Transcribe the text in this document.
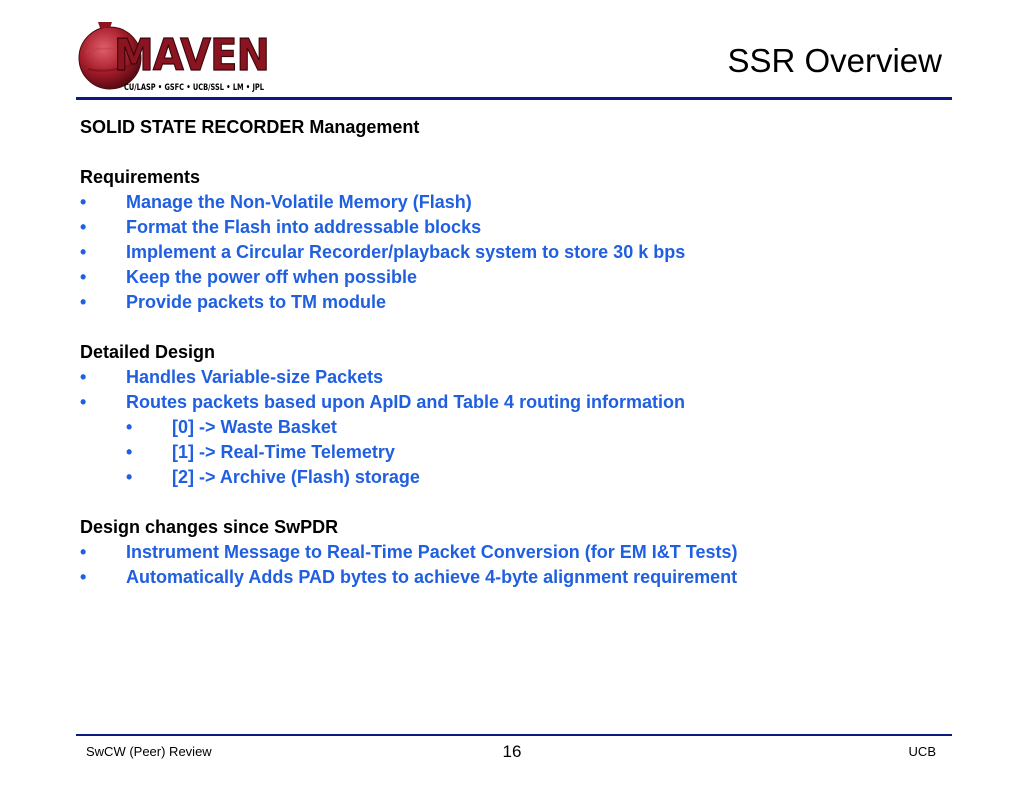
MAVEN
CU/LASP • GSFC • UCB/SSL • LM • JPL
SSR Overview
SOLID STATE RECORDER Management
Requirements
• Manage the Non-Volatile Memory (Flash)
• Format the Flash into addressable blocks
• Implement a Circular Recorder/playback system to store 30 k bps
• Keep the power off when possible
• Provide packets to TM module
Detailed Design
• Handles Variable-size Packets
• Routes packets based upon ApID and Table 4 routing information
• [0] -> Waste Basket
• [1] -> Real-Time Telemetry
• [2] -> Archive (Flash) storage
Design changes since SwPDR
• Instrument Message to Real-Time Packet Conversion (for EM I&T Tests)
• Automatically Adds PAD bytes to achieve 4-byte alignment requirement
SwCW (Peer) Review	16	UCB
